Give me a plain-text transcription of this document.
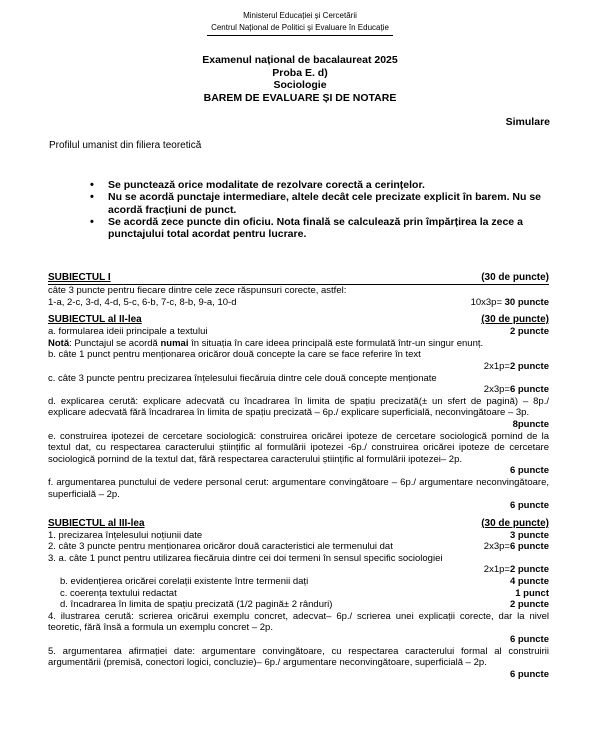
Ministerul Educației și Cercetării
Centrul Național de Politici și Evaluare în Educație
Examenul național de bacalaureat 2025
Proba E. d)
Sociologie
BAREM DE EVALUARE ȘI DE NOTARE
Simulare
Profilul umanist din filiera teoretică
• Se punctează orice modalitate de rezolvare corectă a cerințelor.
• Nu se acordă punctaje intermediare, altele decât cele precizate explicit în barem. Nu se acordă fracțiuni de punct.
• Se acordă zece puncte din oficiu. Nota finală se calculează prin împărțirea la zece a punctajului total acordat pentru lucrare.
SUBIECTUL I	(30 de puncte)
câte 3 puncte pentru fiecare dintre cele zece răspunsuri corecte, astfel:
1-a, 2-c, 3-d, 4-d, 5-c, 6-b, 7-c, 8-b, 9-a, 10-d	10x3p= 30 puncte
SUBIECTUL al II-lea	(30 de puncte)
a. formularea ideii principale a textului	2 puncte
Notă: Punctajul se acordă numai în situația în care ideea principală este formulată într-un singur enunț.
b. câte 1 punct pentru menționarea oricăror două concepte la care se face referire în text
2x1p=2 puncte
c. câte 3 puncte pentru precizarea înțelesului fiecăruia dintre cele două concepte menționate
2x3p=6 puncte
d. explicarea cerută: explicare adecvată cu încadrarea în limita de spațiu precizată(± un sfert de pagină) – 8p./ explicare adecvată fără încadrarea în limita de spațiu precizată – 6p./ explicare superficială, neconvingătoare – 3p.
8puncte
e. construirea ipotezei de cercetare sociologică: construirea oricărei ipoteze de cercetare sociologică pornind de la textul dat, cu respectarea caracterului științific al formulării ipotezei -6p./ construirea oricărei ipoteze de cercetare sociologică pornind de la textul dat, fără respectarea caracterului științific al formulării ipotezei– 2p.
6 puncte
f. argumentarea punctului de vedere personal cerut: argumentare convingătoare – 6p./ argumentare neconvingătoare, superficială – 2p.
6 puncte
SUBIECTUL al III-lea	(30 de puncte)
1. precizarea înțelesului noțiunii date	3 puncte
2. câte 3 puncte pentru menționarea oricăror două caracteristici ale termenului dat	2x3p=6 puncte
3. a. câte 1 punct pentru utilizarea fiecăruia dintre cei doi termeni în sensul specific sociologiei
2x1p=2 puncte
b. evidențierea oricărei corelații existente între termenii dați	4 puncte
c. coerența textului redactat	1 punct
d. încadrarea în limita de spațiu precizată (1/2 pagină± 2 rânduri)	2 puncte
4. ilustrarea cerută: scrierea oricărui exemplu concret, adecvat– 6p./ scrierea unei explicații corecte, dar la nivel teoretic, fără însă a formula un exemplu concret – 2p.
6 puncte
5. argumentarea afirmației date: argumentare convingătoare, cu respectarea caracterului formal al construirii argumentării (premisă, conectori logici, concluzie)– 6p./ argumentare neconvingătoare, superficială – 2p.
6 puncte
